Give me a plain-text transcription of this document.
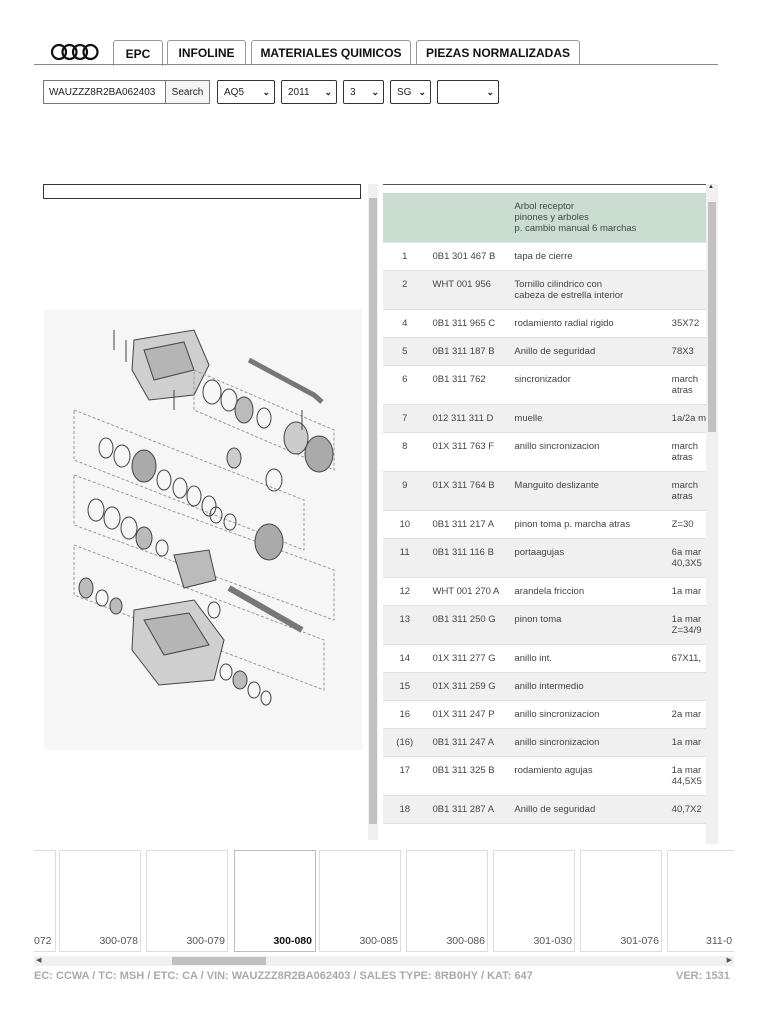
EPC	INFOLINE	MATERIALES QUIMICOS	PIEZAS NORMALIZADAS
WAUZZZ8R2BA062403	Search	AQ5 ⌄ 2011 ⌄ 3 ⌄ SG ⌄	⌄

		Arbol receptor
pinones y arboles
p. cambio manual 6 marchas	

1	0B1 301 467 B	tapa de cierre	

2	WHT 001 956	Tornillo cilindrico con
cabeza de estrella interior	

4	0B1 311 965 C	rodamiento radial rigido	35X72

5	0B1 311 187 B	Anillo de seguridad	78X3

6	0B1 311 762	sincronizador	march
atras

7	012 311 311 D	muelle	1a/2a m

8	01X 311 763 F	anillo sincronizacion	march
atras

9	01X 311 764 B	Manguito deslizante	march
atras

10	0B1 311 217 A	pinon toma p. marcha atras	Z=30

11	0B1 311 116 B	portaagujas	6a mar
40,3X5

12	WHT 001 270 A	arandela friccion	1a mar

13	0B1 311 250 G	pinon toma	1a mar
Z=34/9

14	01X 311 277 G	anillo int.	67X11,

15	01X 311 259 G	anillo intermedio	

16	01X 311 247 P	anillo sincronizacion	2a mar

(16)	0B1 311 247 A	anillo sincronizacion	1a mar

17	0B1 311 325 B	rodamiento agujas	1a mar
44,5X5

18	0B1 311 287 A	Anillo de seguridad	40,7X2
▲
072	300-078	300-079	300-080	300-085	300-086	301-030	301-076	311-0
◀	▶
EC: CCWA / TC: MSH / ETC: CA / VIN: WAUZZZ8R2BA062403 / SALES TYPE: 8RB0HY / KAT: 647	VER: 1531
